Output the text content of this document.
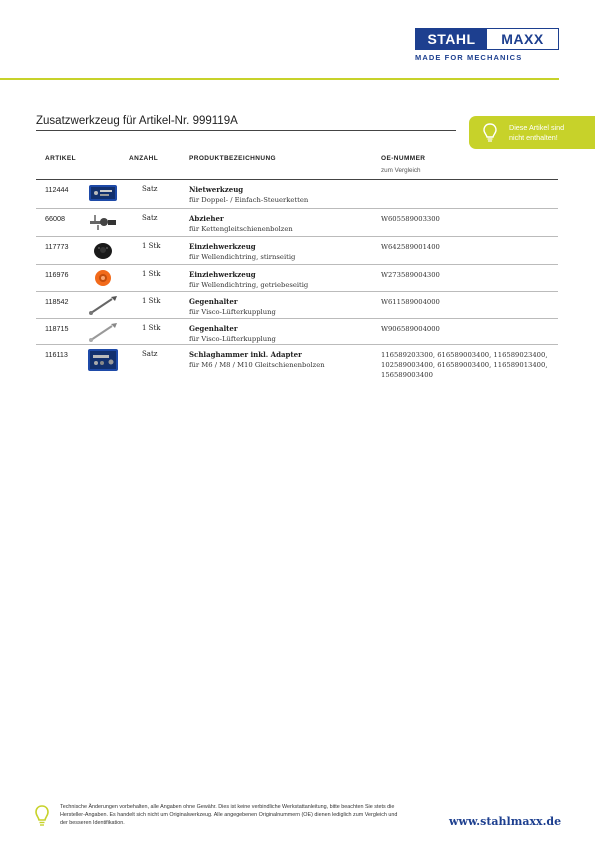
STAHL	MAXX
MADE FOR MECHANICS
Zusatzwerkzeug für Artikel-Nr. 999119A
Diese Artikel sind
nicht enthalten!
ARTIKEL	ANZAHL	PRODUKTBEZEICHNUNG	OE-NUMMER
zum Vergleich
112444	Satz	Nietwerkzeug
für Doppel- / Einfach-Steuerketten
66008	Satz	Abzieher
für Kettengleitschienenbolzen
W605589003300
117773	1 Stk	Einziehwerkzeug
für Wellendichtring, stirnseitig
W642589001400
116976	1 Stk	Einziehwerkzeug
für Wellendichtring, getriebeseitig
W273589004300
118542	1 Stk	Gegenhalter
für Visco-Lüfterkupplung
W611589004000
118715	1 Stk	Gegenhalter
für Visco-Lüfterkupplung
W906589004000
116113	Satz	Schlaghammer inkl. Adapter
für M6 / M8 / M10 Gleitschienenbolzen
116589203300, 616589003400, 116589023400, 102589003400, 616589003400, 116589013400, 156589003400
Technische Änderungen vorbehalten, alle Angaben ohne Gewähr. Dies ist keine verbindliche Werkstattanleitung, bitte beachten Sie stets die Hersteller-Angaben. Es handelt sich nicht um Originalwerkzeug. Alle angegebenen Originalnummern (OE) dienen lediglich zum Vergleich und der besseren Identifikation.	www.stahlmaxx.de
